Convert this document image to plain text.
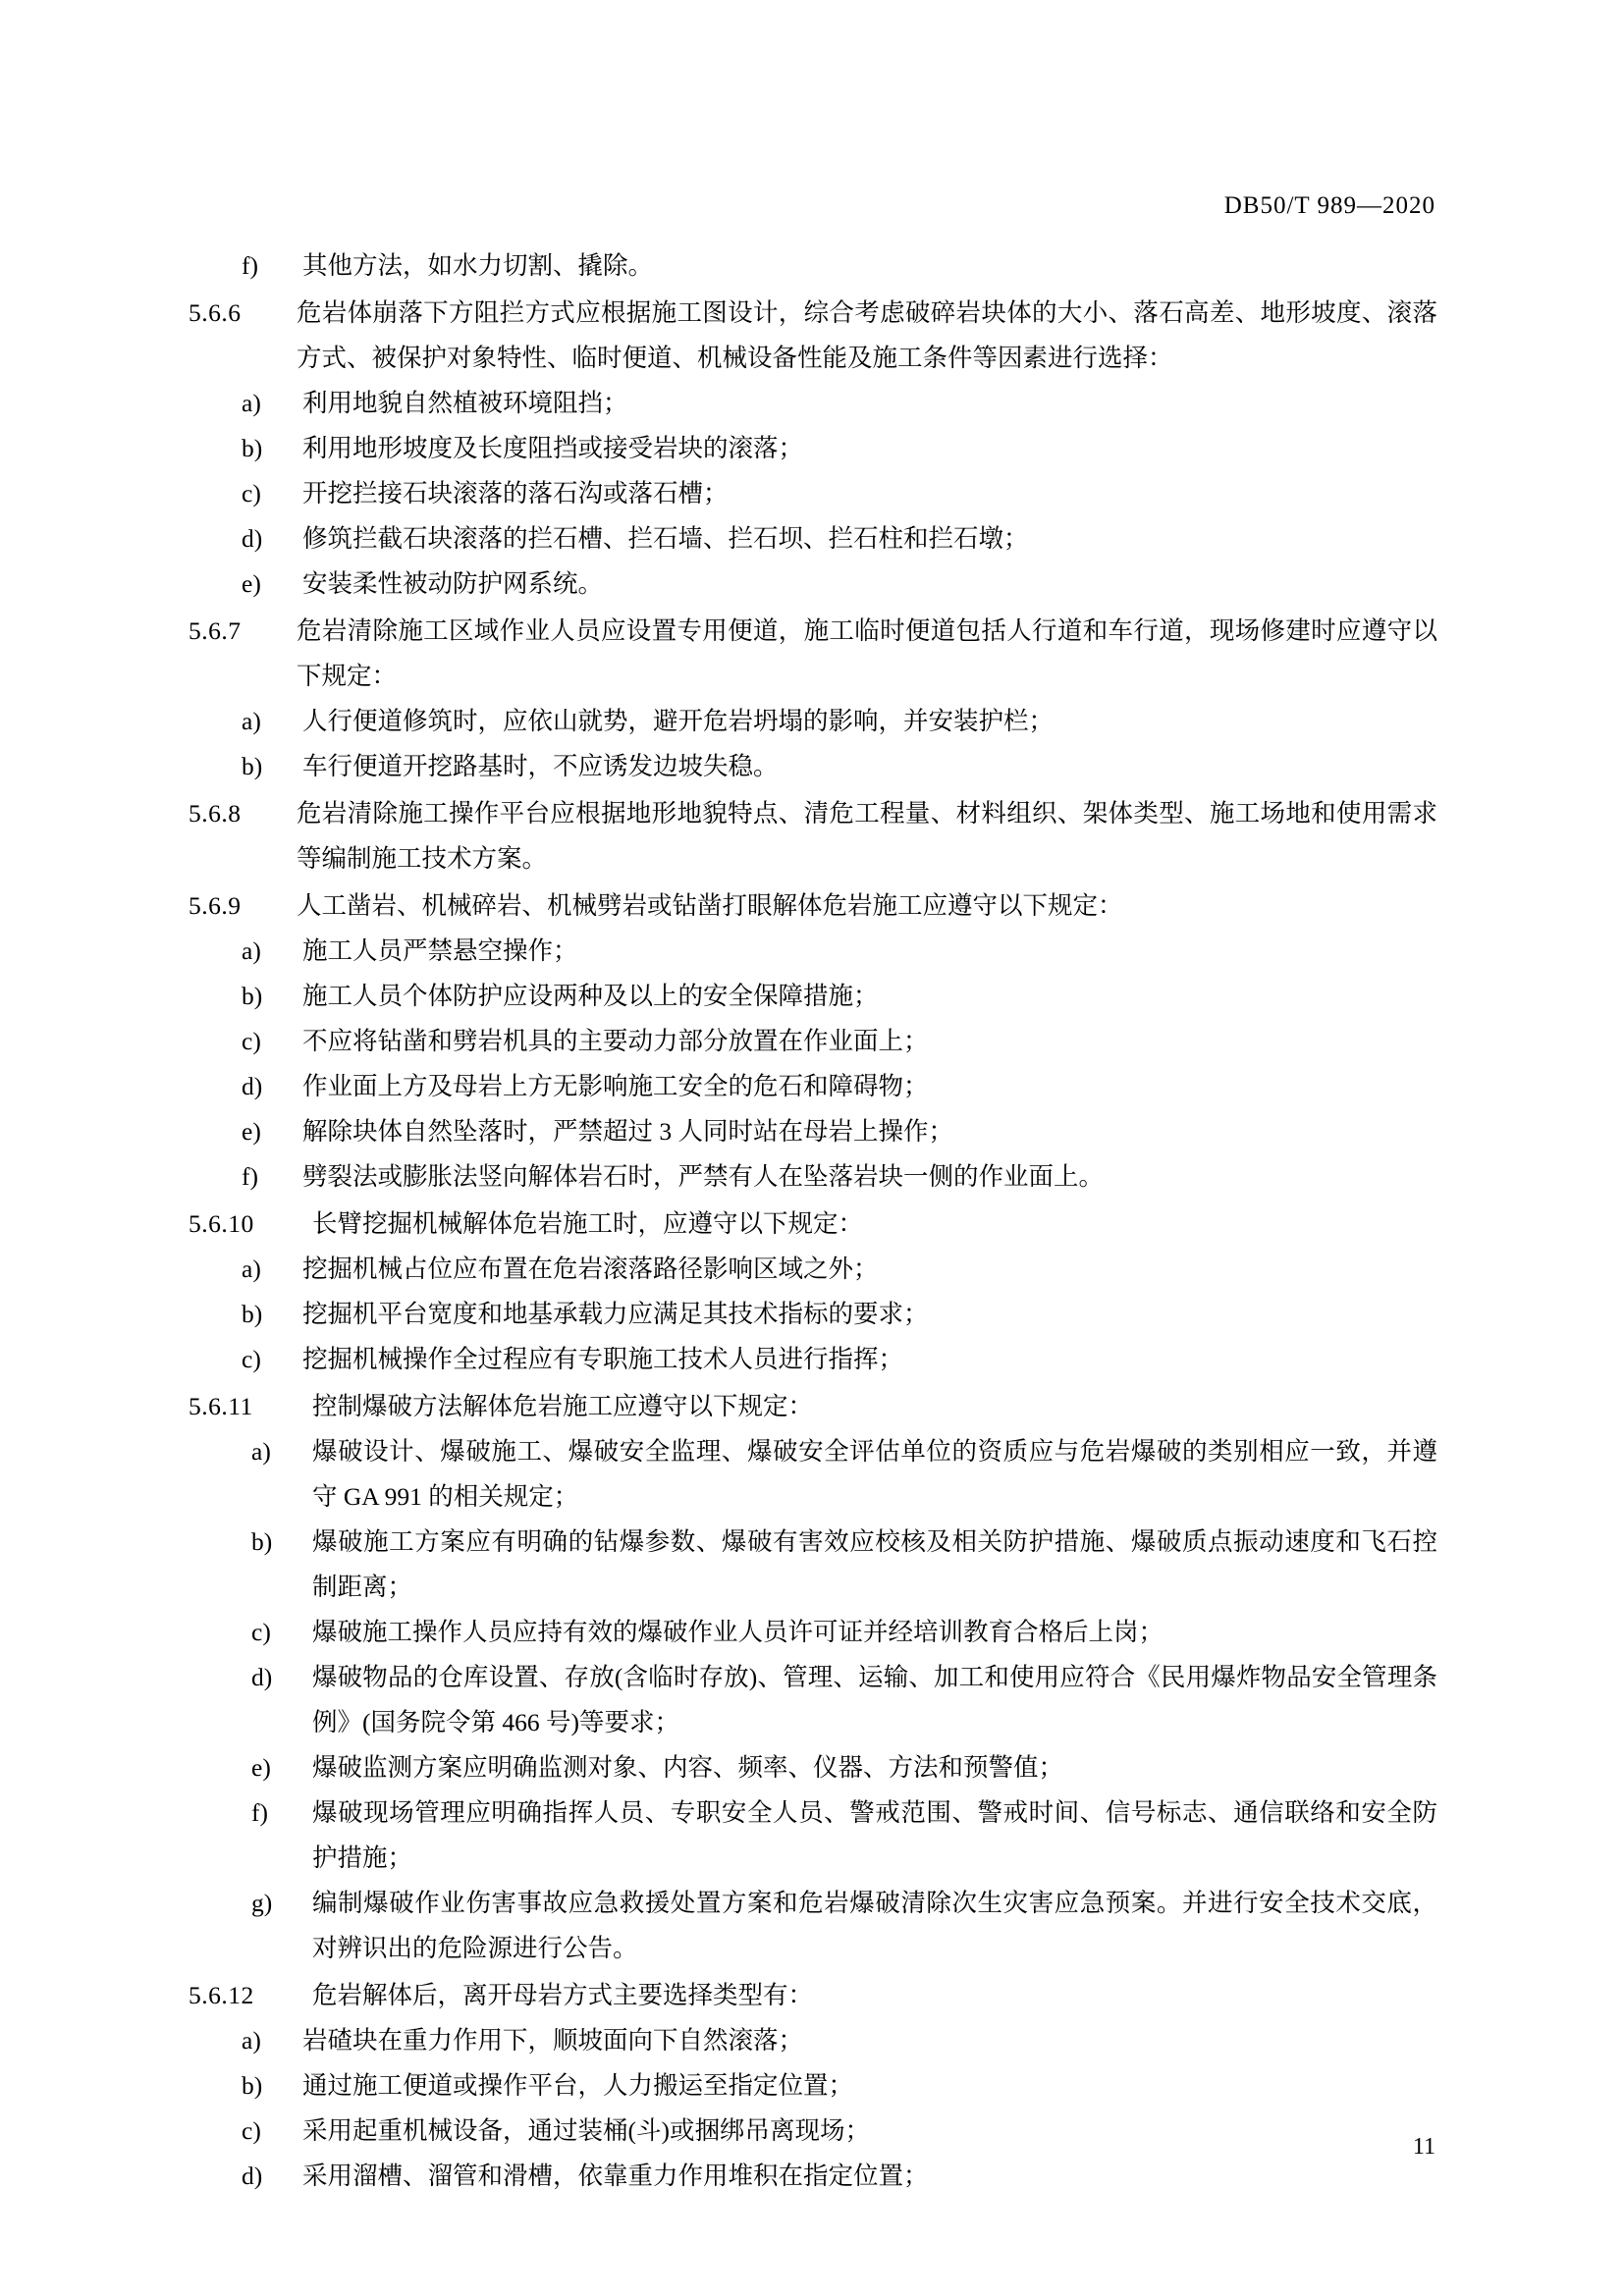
DB50/T 989—2020
f)	其他方法，如水力切割、撬除。
5.6.6	危岩体崩落下方阻拦方式应根据施工图设计，综合考虑破碎岩块体的大小、落石高差、地形坡度、滚落方式、被保护对象特性、临时便道、机械设备性能及施工条件等因素进行选择：
a)	利用地貌自然植被环境阻挡；
b)	利用地形坡度及长度阻挡或接受岩块的滚落；
c)	开挖拦接石块滚落的落石沟或落石槽；
d)	修筑拦截石块滚落的拦石槽、拦石墙、拦石坝、拦石柱和拦石墩；
e)	安装柔性被动防护网系统。
5.6.7	危岩清除施工区域作业人员应设置专用便道，施工临时便道包括人行道和车行道，现场修建时应遵守以下规定：
a)	人行便道修筑时，应依山就势，避开危岩坍塌的影响，并安装护栏；
b)	车行便道开挖路基时，不应诱发边坡失稳。
5.6.8	危岩清除施工操作平台应根据地形地貌特点、清危工程量、材料组织、架体类型、施工场地和使用需求等编制施工技术方案。
5.6.9	人工凿岩、机械碎岩、机械劈岩或钻凿打眼解体危岩施工应遵守以下规定：
a)	施工人员严禁悬空操作；
b)	施工人员个体防护应设两种及以上的安全保障措施；
c)	不应将钻凿和劈岩机具的主要动力部分放置在作业面上；
d)	作业面上方及母岩上方无影响施工安全的危石和障碍物；
e)	解除块体自然坠落时，严禁超过 3 人同时站在母岩上操作；
f)	劈裂法或膨胀法竖向解体岩石时，严禁有人在坠落岩块一侧的作业面上。
5.6.10	长臂挖掘机械解体危岩施工时，应遵守以下规定：
a)	挖掘机械占位应布置在危岩滚落路径影响区域之外；
b)	挖掘机平台宽度和地基承载力应满足其技术指标的要求；
c)	挖掘机械操作全过程应有专职施工技术人员进行指挥；
5.6.11	控制爆破方法解体危岩施工应遵守以下规定：
a)	爆破设计、爆破施工、爆破安全监理、爆破安全评估单位的资质应与危岩爆破的类别相应一致，并遵守 GA 991 的相关规定；
b)	爆破施工方案应有明确的钻爆参数、爆破有害效应校核及相关防护措施、爆破质点振动速度和飞石控制距离；
c)	爆破施工操作人员应持有效的爆破作业人员许可证并经培训教育合格后上岗；
d)	爆破物品的仓库设置、存放(含临时存放)、管理、运输、加工和使用应符合《民用爆炸物品安全管理条例》(国务院令第 466 号)等要求；
e)	爆破监测方案应明确监测对象、内容、频率、仪器、方法和预警值；
f)	爆破现场管理应明确指挥人员、专职安全人员、警戒范围、警戒时间、信号标志、通信联络和安全防护措施；
g)	编制爆破作业伤害事故应急救援处置方案和危岩爆破清除次生灾害应急预案。并进行安全技术交底，对辨识出的危险源进行公告。
5.6.12	危岩解体后，离开母岩方式主要选择类型有：
a)	岩碴块在重力作用下，顺坡面向下自然滚落；
b)	通过施工便道或操作平台，人力搬运至指定位置；
c)	采用起重机械设备，通过装桶(斗)或捆绑吊离现场；
d)	采用溜槽、溜管和滑槽，依靠重力作用堆积在指定位置；
11
